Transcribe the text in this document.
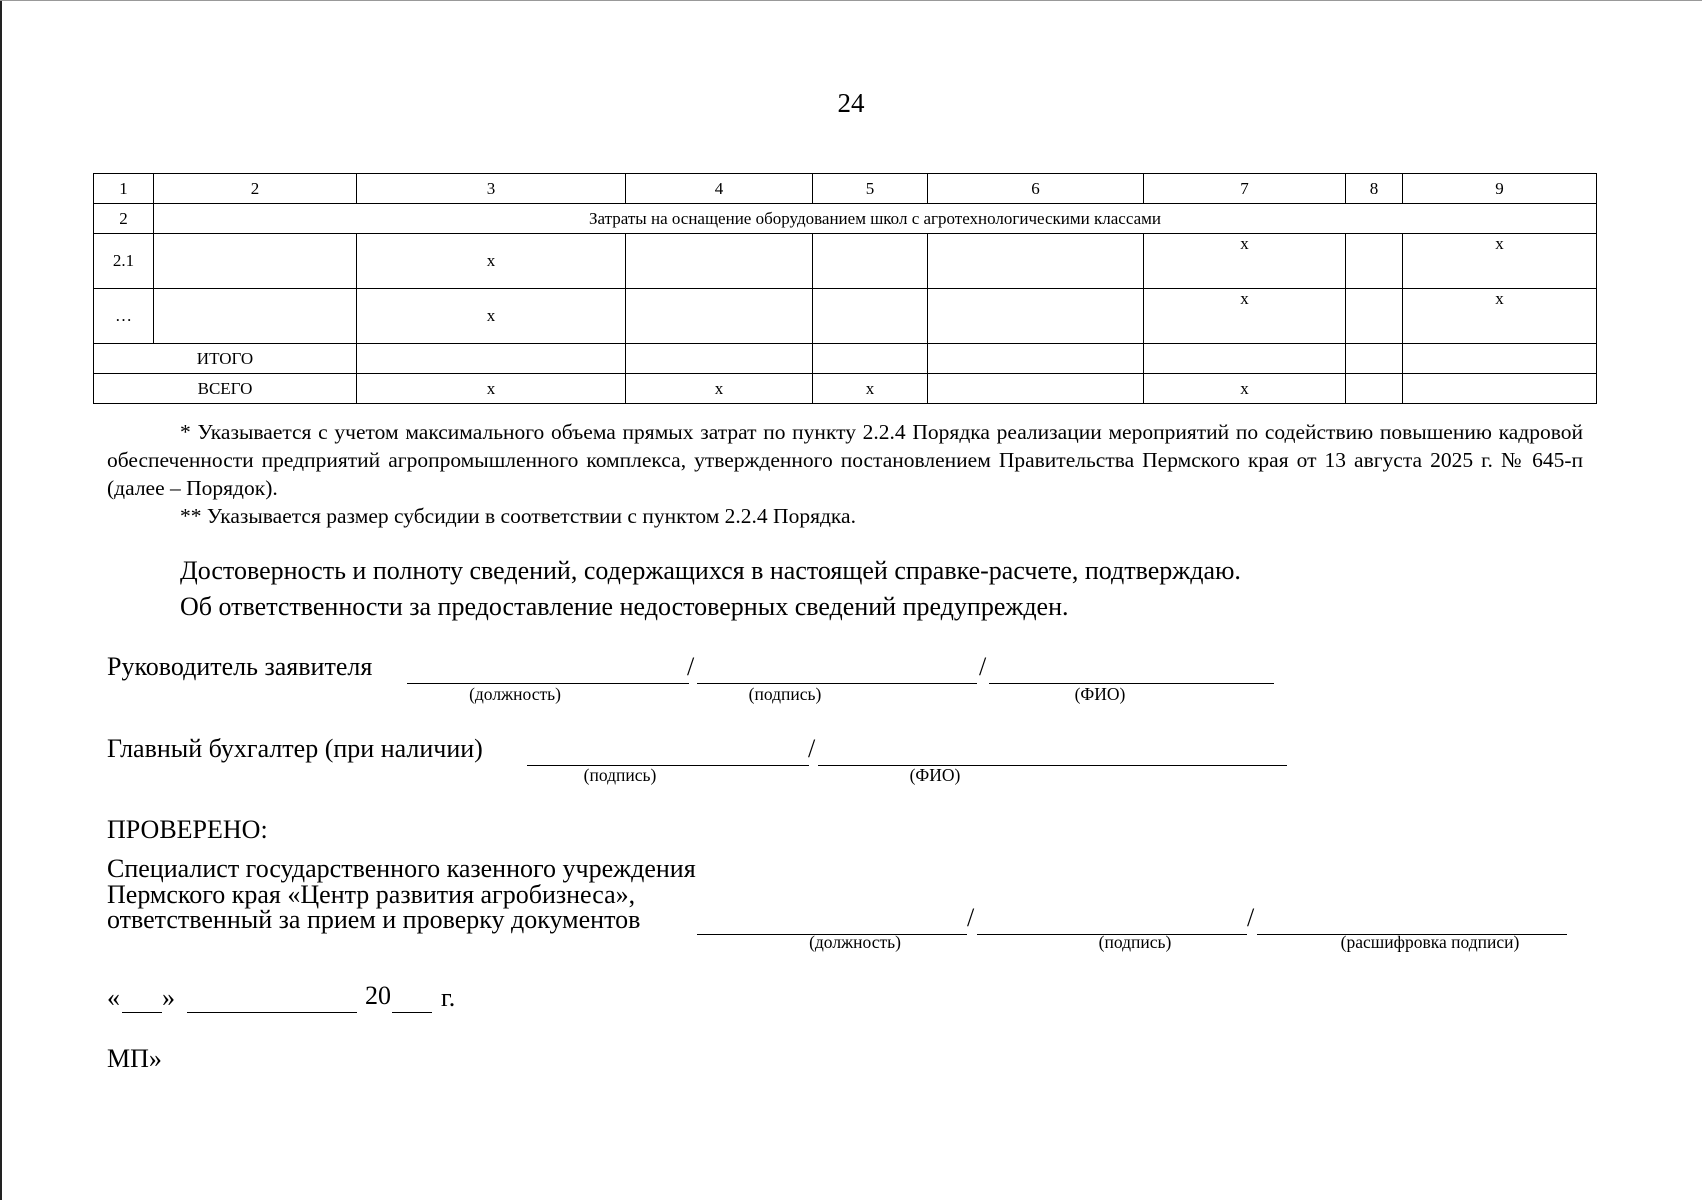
24
1	2	3	4	5	6	7	8	9
2	Затраты на оснащение оборудованием школ с агротехнологическими классами							
2.1		х				х		х
…		х				х		х
ИТОГО								
ВСЕГО		х	х	х		х		

* Указывается с учетом максимального объема прямых затрат по пункту 2.2.4 Порядка реализации мероприятий по содействию повышению кадровой обеспеченности предприятий агропромышленного комплекса, утвержденного постановлением Правительства Пермского края от 13 августа 2025 г. № 645-п (далее – Порядок).

** Указывается размер субсидии в соответствии с пунктом 2.2.4 Порядка.

Достоверность и полноту сведений, содержащихся в настоящей справке-расчете, подтверждаю.
Об ответственности за предоставление недостоверных сведений предупрежден.
Руководитель заявителя	/	/
(должность)	(подпись)	(ФИО)
Главный бухгалтер (при наличии)	/
(подпись)	(ФИО)
ПРОВЕРЕНО:
Специалист государственного казенного учреждения
Пермского края «Центр развития агробизнеса»,
ответственный за прием и проверку документов	/	/
(должность)	(подпись)	(расшифровка подписи)
« »	20 г.
МП»
